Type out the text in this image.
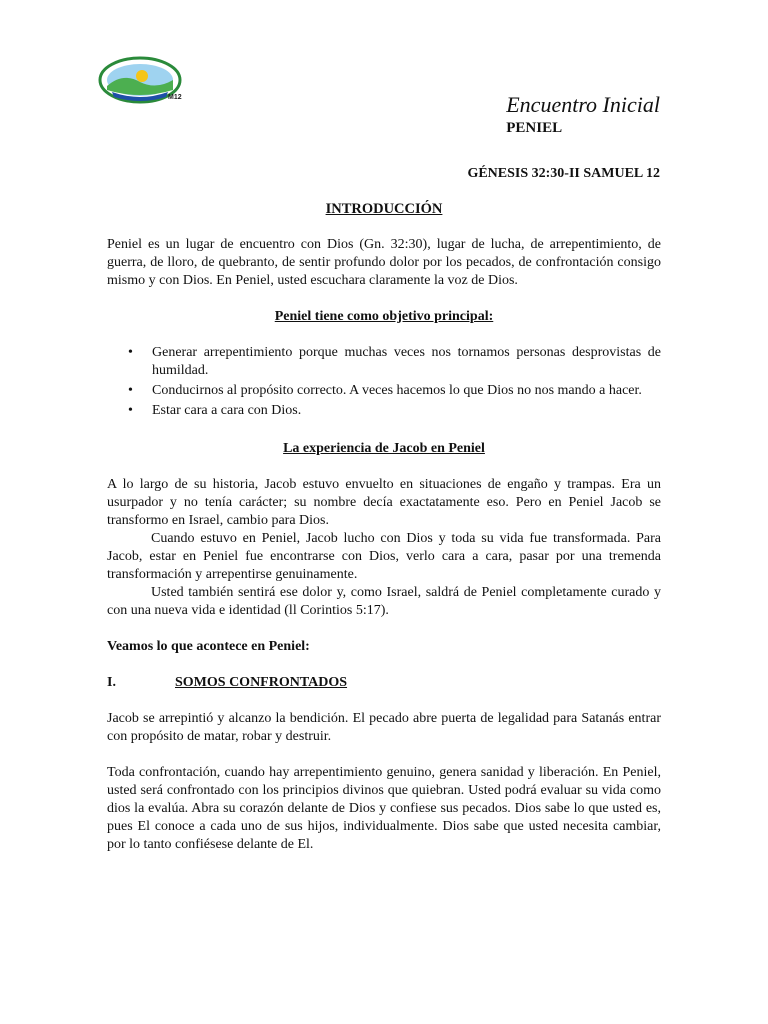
M12	Encuentro Inicial

PENIEL

GÉNESIS 32:30-II SAMUEL 12

INTRODUCCIÓN

Peniel es un lugar de encuentro con Dios (Gn. 32:30), lugar de lucha, de arrepentimiento, de guerra, de lloro, de quebranto, de sentir profundo dolor por los pecados, de confrontación consigo mismo y con Dios. En Peniel, usted escuchara claramente la voz de Dios.

Peniel tiene como objetivo principal:

• Generar arrepentimiento porque muchas veces nos tornamos personas desprovistas de humildad.
• Conducirnos al propósito correcto. A veces hacemos lo que Dios no nos mando a hacer.
• Estar cara a cara con Dios.

La experiencia de Jacob en Peniel

A lo largo de su historia, Jacob estuvo envuelto en situaciones de engaño y trampas. Era un usurpador y no tenía carácter; su nombre decía exactatamente eso. Pero en Peniel Jacob se transformo en Israel, cambio para Dios.

Cuando estuvo en Peniel, Jacob lucho con Dios y toda su vida fue transformada. Para Jacob, estar en Peniel fue encontrarse con Dios, verlo cara a cara, pasar por una tremenda transformación y arrepentirse genuinamente.

Usted también sentirá ese dolor y, como Israel, saldrá de Peniel completamente curado y con una nueva vida e identidad (ll Corintios 5:17).

Veamos lo que acontece en Peniel:

I.	SOMOS CONFRONTADOS

Jacob se arrepintió y alcanzo la bendición. El pecado abre puerta de legalidad para Satanás entrar con propósito de matar, robar y destruir.

Toda confrontación, cuando hay arrepentimiento genuino, genera sanidad y liberación. En Peniel, usted será confrontado con los principios divinos que quiebran. Usted podrá evaluar su vida como dios la evalúa. Abra su corazón delante de Dios y confiese sus pecados. Dios sabe lo que usted es, pues El conoce a cada uno de sus hijos, individualmente. Dios sabe que usted necesita cambiar, por lo tanto confiésese delante de El.
